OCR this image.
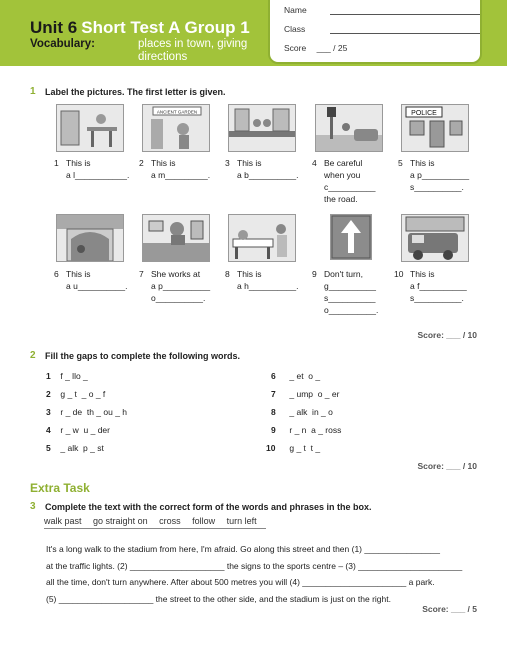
Unit 6 Short Test A Group 1
Vocabulary:	places in town, giving directions
Name
Class
Score ___ / 25
1 Label the pictures. The first letter is given.
ANCIENT GARDEN	POLICE
1 This is
a l___________.
2 This is
a m_________.
3 This is
a b__________.
4 Be careful
when you
c__________
the road.
5 This is
a p__________
s__________.
6 This is
a u__________.
7 She works at
a p__________
o__________.
8 This is
a h__________.
9 Don't turn,
g__________
s__________
o__________.
10 This is
a f__________
s__________.
Score: ___ / 10
2 Fill the gaps to complete the following words.
1 f _ llo _
2 g _ t  _ o _ f
3 r _ de  th _ ou _ h
4 r _ w  u _ der
5 _ alk  p _ st
6 _ et  o _
7 _ ump  o _ er
8 _ alk  in _ o
9 r _ n  a _ ross
10 g _ t  t _
Score: ___ / 10
Extra Task
3 Complete the text with the correct form of the words and phrases in the box.
walk past go straight on cross follow turn left
It's a long walk to the stadium from here, I'm afraid. Go along this street and then (1) ________________
at the traffic lights. (2) ____________________ the signs to the sports centre – (3) ______________________
all the time, don't turn anywhere. After about 500 metres you will (4) ______________________ a park.
(5) ____________________ the street to the other side, and the stadium is just on the right.
Score: ___ / 5
